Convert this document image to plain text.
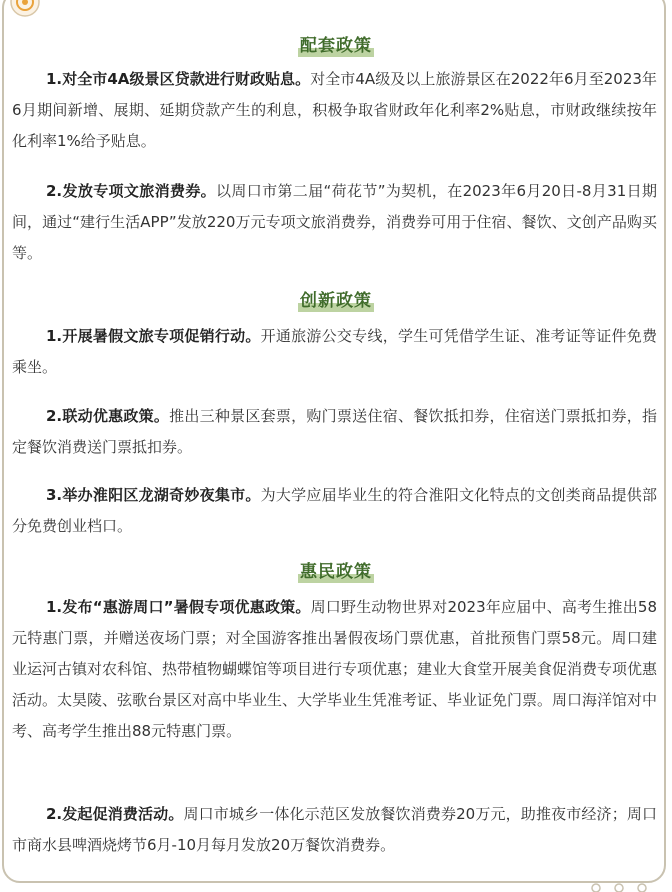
配套政策

1.对全市4A级景区贷款进行财政贴息。对全市4A级及以上旅游景区在2022年6月至2023年6月期间新增、展期、延期贷款产生的利息，积极争取省财政年化利率2%贴息，市财政继续按年化利率1%给予贴息。

2.发放专项文旅消费券。以周口市第二届“荷花节”为契机，在2023年6月20日-8月31日期间，通过“建行生活APP”发放220万元专项文旅消费券，消费券可用于住宿、餐饮、文创产品购买等。

创新政策

1.开展暑假文旅专项促销行动。开通旅游公交专线，学生可凭借学生证、准考证等证件免费乘坐。

2.联动优惠政策。推出三种景区套票，购门票送住宿、餐饮抵扣券，住宿送门票抵扣券，指定餐饮消费送门票抵扣券。

3.举办淮阳区龙湖奇妙夜集市。为大学应届毕业生的符合淮阳文化特点的文创类商品提供部分免费创业档口。

惠民政策

1.发布“惠游周口”暑假专项优惠政策。周口野生动物世界对2023年应届中、高考生推出58元特惠门票，并赠送夜场门票；对全国游客推出暑假夜场门票优惠，首批预售门票58元。周口建业运河古镇对农科馆、热带植物蝴蝶馆等项目进行专项优惠；建业大食堂开展美食促消费专项优惠活动。太昊陵、弦歌台景区对高中毕业生、大学毕业生凭准考证、毕业证免门票。周口海洋馆对中考、高考学生推出88元特惠门票。

2.发起促消费活动。周口市城乡一体化示范区发放餐饮消费券20万元，助推夜市经济；周口市商水县啤酒烧烤节6月-10月每月发放20万餐饮消费券。
